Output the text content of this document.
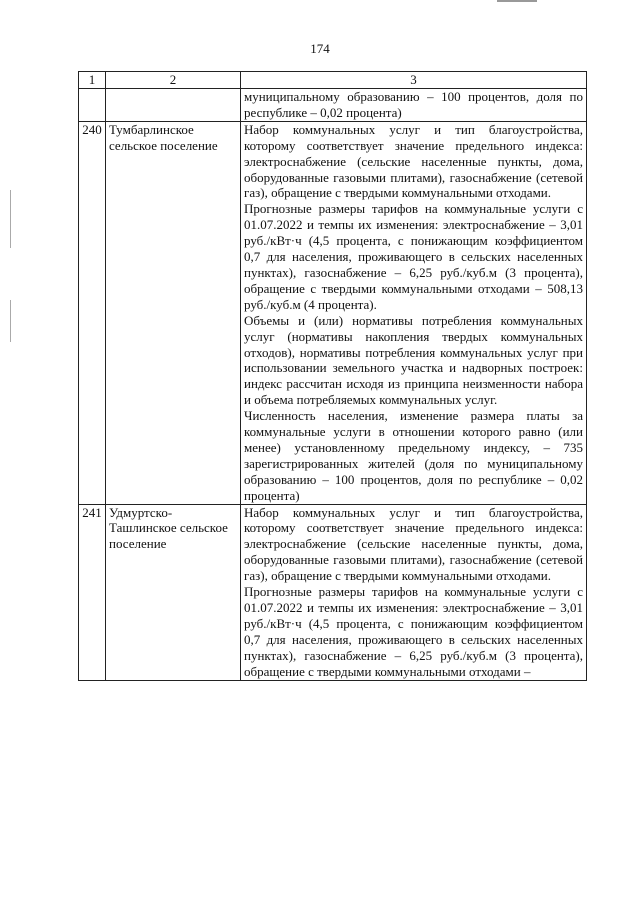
174
1	2	3

		муниципальному образованию – 100 процентов, доля по республике – 0,02 процента)

240	Тумбарлинское сельское поселение	Набор коммунальных услуг и тип благоустройства, которому соответствует значение предельного индекса: электроснабжение (сельские населенные пункты, дома, оборудованные газовыми плитами), газоснабжение (сетевой газ), обращение с твердыми коммунальными отходами.

Прогнозные размеры тарифов на коммунальные услуги с 01.07.2022 и темпы их изменения: электроснабжение – 3,01 руб./кВт·ч (4,5 процента, с понижающим коэффициентом 0,7 для населения, проживающего в сельских населенных пунктах), газоснабжение – 6,25 руб./куб.м (3 процента), обращение с твердыми коммунальными отходами – 508,13 руб./куб.м (4 процента).

Объемы и (или) нормативы потребления коммунальных услуг (нормативы накопления твердых коммунальных отходов), нормативы потребления коммунальных услуг при использовании земельного участка и надворных построек: индекс рассчитан исходя из принципа неизменности набора и объема потребляемых коммунальных услуг.

Численность населения, изменение размера платы за коммунальные услуги в отношении которого равно (или менее) установленному предельному индексу, – 735 зарегистрированных жителей (доля по муниципальному образованию – 100 процентов, доля по республике – 0,02 процента)

241	Удмуртско-Ташлинское сельское поселение	Набор коммунальных услуг и тип благоустройства, которому соответствует значение предельного индекса: электроснабжение (сельские населенные пункты, дома, оборудованные газовыми плитами), газоснабжение (сетевой газ), обращение с твердыми коммунальными отходами.

Прогнозные размеры тарифов на коммунальные услуги с 01.07.2022 и темпы их изменения: электроснабжение – 3,01 руб./кВт·ч (4,5 процента, с понижающим коэффициентом 0,7 для населения, проживающего в сельских населенных пунктах), газоснабжение – 6,25 руб./куб.м (3 процента), обращение с твердыми коммунальными отходами –
